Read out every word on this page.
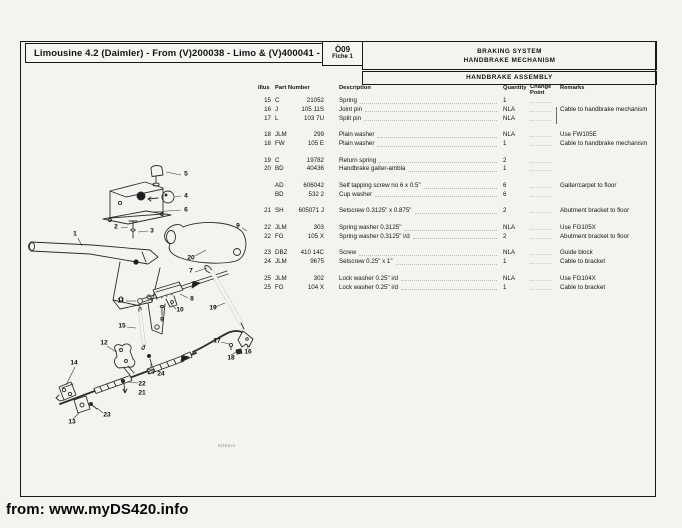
Limousine 4.2 (Daimler) - From (V)200038 - Limo & (V)400041 -	Ö09
Fiche 1
BRAKING SYSTEM
HANDBRAKE MECHANISM
HANDBRAKE ASSEMBLY
Illus Part Number	Description	Quantity Change
Point
Remarks
15 C	21052 Spring	1
16 J	105 11S Joint pin	NLA	Cable to handbrake mechanism
17 L	103 7U Split pin	NLA
18 JLM	299 Plain washer	NLA	Use FW105E
18 FW	105 E Plain washer	1	Cable to handbrake mechanism
19 C	19782 Return spring	2
20 BD	40436 Handbrake gaiter-ambla	1
AD	606042 Self tapping screw no 6 x 0.5"	6	Gaiter/carpet to floor
BD	532 2 Cup washer	6
21 SH	605071 J Setscrew 0.3125" x 0.875"	2	Abutment bracket to floor
22 JLM	303 Spring washer 0.3125"	NLA	Use FG105X
22 FG	105 X Spring washer 0.3125" i/d	2	Abutment bracket to floor
23 DBZ	410 14C Screw	NLA	Guide block
24 JLM	9675 Setscrew 0.25" x 1"	1	Cable to bracket
25 JLM	302 Lock washer 0.25" i/d	NLA	Use FG104X
25 FG	104 X Lock washer 0.25" i/d	1	Cable to bracket
1
2
3
4
5
6
7
8
9
9
10
11
12
13
14
15
16
17
18
19
20
21
22
23
24
25
MJB5xx
from: www.myDS420.info
